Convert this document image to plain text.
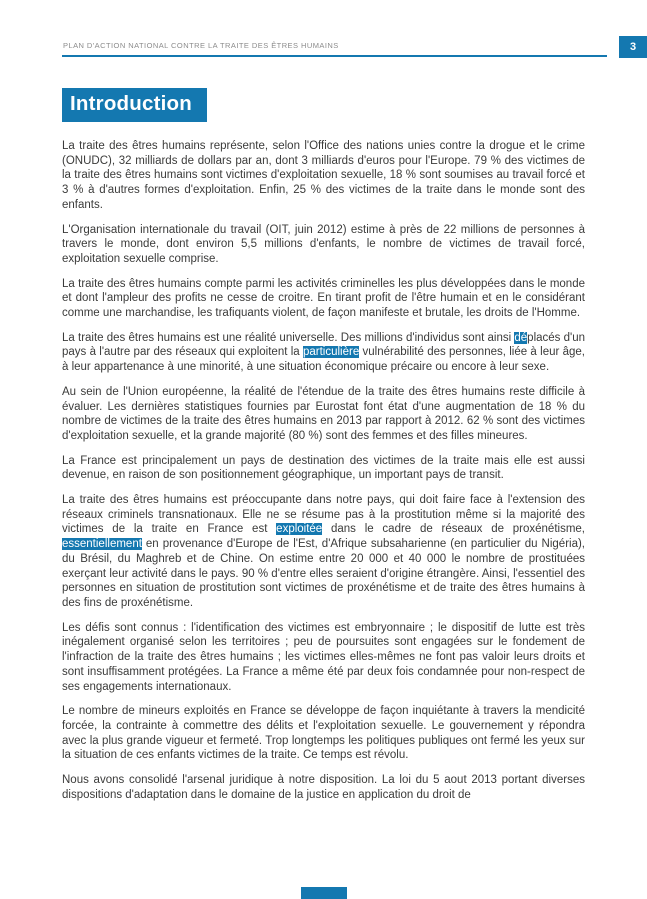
PLAN D'ACTION NATIONAL CONTRE LA TRAITE DES ÊTRES HUMAINS	3
Introduction

La traite des êtres humains représente, selon l'Office des nations unies contre la drogue et le crime (ONUDC), 32 milliards de dollars par an, dont 3 milliards d'euros pour l'Europe. 79 % des victimes de la traite des êtres humains sont victimes d'exploitation sexuelle, 18 % sont soumises au travail forcé et 3 % à d'autres formes d'exploitation. Enfin, 25 % des victimes de la traite dans le monde sont des enfants.

L'Organisation internationale du travail (OIT, juin 2012) estime à près de 22 millions de personnes à travers le monde, dont environ 5,5 millions d'enfants, le nombre de victimes de travail forcé, exploitation sexuelle comprise.

La traite des êtres humains compte parmi les activités criminelles les plus développées dans le monde et dont l'ampleur des profits ne cesse de croitre. En tirant profit de l'être humain et en le considérant comme une marchandise, les trafiquants violent, de façon manifeste et brutale, les droits de l'Homme.

La traite des êtres humains est une réalité universelle. Des millions d'individus sont ainsi déplacés d'un pays à l'autre par des réseaux qui exploitent la particulière vulnérabilité des personnes, liée à leur âge, à leur appartenance à une minorité, à une situation économique précaire ou encore à leur sexe.

Au sein de l'Union européenne, la réalité de l'étendue de la traite des êtres humains reste difficile à évaluer. Les dernières statistiques fournies par Eurostat font état d'une augmentation de 18 % du nombre de victimes de la traite des êtres humains en 2013 par rapport à 2012. 62 % sont des victimes d'exploitation sexuelle, et la grande majorité (80 %) sont des femmes et des filles mineures.

La France est principalement un pays de destination des victimes de la traite mais elle est aussi devenue, en raison de son positionnement géographique, un important pays de transit.

La traite des êtres humains est préoccupante dans notre pays, qui doit faire face à l'extension des réseaux criminels transnationaux. Elle ne se résume pas à la prostitution même si la majorité des victimes de la traite en France est exploitée dans le cadre de réseaux de proxénétisme, essentiellement en provenance d'Europe de l'Est, d'Afrique subsaharienne (en particulier du Nigéria), du Brésil, du Maghreb et de Chine. On estime entre 20 000 et 40 000 le nombre de prostituées exerçant leur activité dans le pays. 90 % d'entre elles seraient d'origine étrangère. Ainsi, l'essentiel des personnes en situation de prostitution sont victimes de proxénétisme et de traite des êtres humains à des fins de proxénétisme.

Les défis sont connus : l'identification des victimes est embryonnaire ; le dispositif de lutte est très inégalement organisé selon les territoires ; peu de poursuites sont engagées sur le fondement de l'infraction de la traite des êtres humains ; les victimes elles-mêmes ne font pas valoir leurs droits et sont insuffisamment protégées. La France a même été par deux fois condamnée pour non-respect de ses engagements internationaux.

Le nombre de mineurs exploités en France se développe de façon inquiétante à travers la mendicité forcée, la contrainte à commettre des délits et l'exploitation sexuelle. Le gouvernement y répondra avec la plus grande vigueur et fermeté. Trop longtemps les politiques publiques ont fermé les yeux sur la situation de ces enfants victimes de la traite. Ce temps est révolu.

Nous avons consolidé l'arsenal juridique à notre disposition. La loi du 5 aout 2013 portant diverses dispositions d'adaptation dans le domaine de la justice en application du droit de
